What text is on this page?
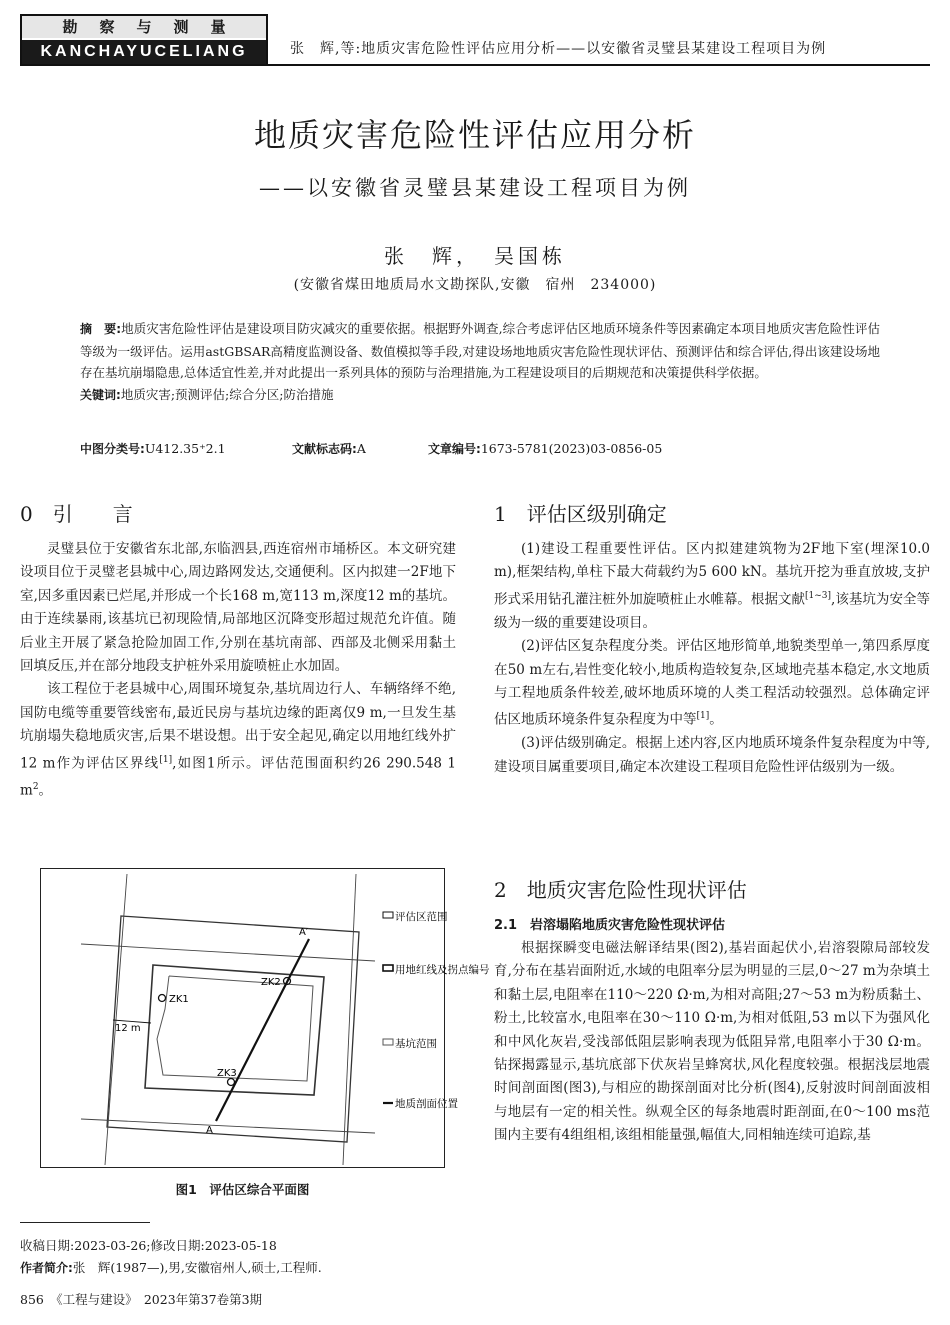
勘察与测量
KANCHAYUCELIANG	张　辉,等:地质灾害危险性评估应用分析——以安徽省灵璧县某建设工程项目为例
地质灾害危险性评估应用分析
——以安徽省灵璧县某建设工程项目为例
张　辉，　吴国栋
(安徽省煤田地质局水文勘探队,安徽　宿州　234000)
摘　要:地质灾害危险性评估是建设项目防灾减灾的重要依据。根据野外调查,综合考虑评估区地质环境条件等因素确定本项目地质灾害危险性评估等级为一级评估。运用astGBSAR高精度监测设备、数值模拟等手段,对建设场地地质灾害危险性现状评估、预测评估和综合评估,得出该建设场地存在基坑崩塌隐患,总体适宜性差,并对此提出一系列具体的预防与治理措施,为工程建设项目的后期规范和决策提供科学依据。
关键词:地质灾害;预测评估;综合分区;防治措施
中图分类号:U412.35⁺2.1	文献标志码:A	文章编号:1673-5781(2023)03-0856-05
0　引　　言

灵璧县位于安徽省东北部,东临泗县,西连宿州市埇桥区。本文研究建设项目位于灵璧老县城中心,周边路网发达,交通便利。区内拟建一2F地下室,因多重因素已烂尾,并形成一个长168 m,宽113 m,深度12 m的基坑。由于连续暴雨,该基坑已初现险情,局部地区沉降变形超过规范允许值。随后业主开展了紧急抢险加固工作,分别在基坑南部、西部及北侧采用黏土回填反压,并在部分地段支护桩外采用旋喷桩止水加固。

该工程位于老县城中心,周围环境复杂,基坑周边行人、车辆络绎不绝,国防电缆等重要管线密布,最近民房与基坑边缘的距离仅9 m,一旦发生基坑崩塌失稳地质灾害,后果不堪设想。出于安全起见,确定以用地红线外扩12 m作为评估区界线[1],如图1所示。评估范围面积约26 290.548 1 $m^2$。

A′
A
ZK1
ZK2
ZK3
12 m
评估区范围
用地红线及拐点编号
基坑范围
地质剖面位置
图1　评估区综合平面图
收稿日期:2023-03-26;修改日期:2023-05-18
作者简介:张　辉(1987—),男,安徽宿州人,硕士,工程师.
856　《工程与建设》　2023年第37卷第3期
1　评估区级别确定

(1)建设工程重要性评估。区内拟建建筑物为2F地下室(埋深10.0 m),框架结构,单柱下最大荷载约为5 600 kN。基坑开挖为垂直放坡,支护形式采用钻孔灌注桩外加旋喷桩止水帷幕。根据文献[1~3],该基坑为安全等级为一级的重要建设项目。

(2)评估区复杂程度分类。评估区地形简单,地貌类型单一,第四系厚度在50 m左右,岩性变化较小,地质构造较复杂,区域地壳基本稳定,水文地质与工程地质条件较差,破坏地质环境的人类工程活动较强烈。总体确定评估区地质环境条件复杂程度为中等[1]。

(3)评估级别确定。根据上述内容,区内地质环境条件复杂程度为中等,建设项目属重要项目,确定本次建设工程项目危险性评估级别为一级。

2　地质灾害危险性现状评估
2.1　岩溶塌陷地质灾害危险性现状评估

根据探瞬变电磁法解译结果(图2),基岩面起伏小,岩溶裂隙局部较发育,分布在基岩面附近,水域的电阻率分层为明显的三层,0～27 m为杂填土和黏土层,电阻率在110～220 Ω·m,为相对高阻;27～53 m为粉质黏土、粉土,比较富水,电阻率在30～110 Ω·m,为相对低阻,53 m以下为强风化和中风化灰岩,受浅部低阻层影响表现为低阻异常,电阻率小于30 Ω·m。钻探揭露显示,基坑底部下伏灰岩呈蜂窝状,风化程度较强。根据浅层地震时间剖面图(图3),与相应的勘探剖面对比分析(图4),反射波时间剖面波相与地层有一定的相关性。纵观全区的每条地震时距剖面,在0～100 ms范围内主要有4组组相,该组相能量强,幅值大,同相轴连续可追踪,基
